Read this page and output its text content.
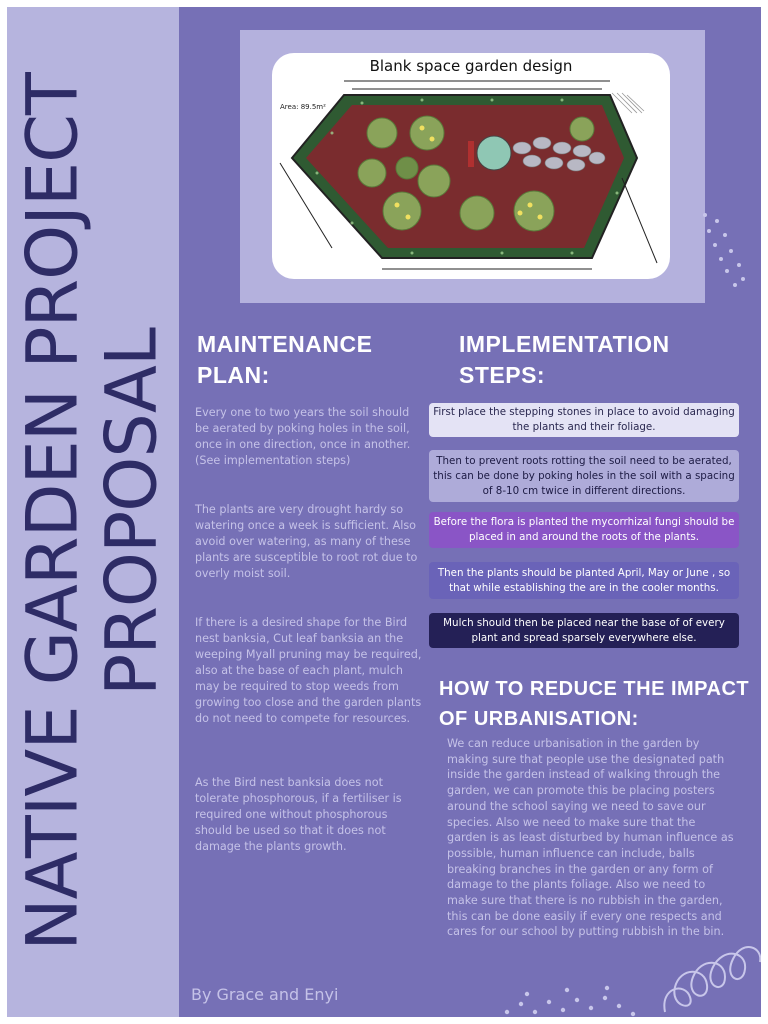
NATIVE GARDEN PROJECT
PROPOSAL
Blank space garden design
Area: 89.5m²
MAINTENANCE PLAN:
Every one to two years the soil should be aerated by poking holes in the soil, once in one direction, once in another. (See implementation steps)
The plants are very drought hardy so watering once a week is sufficient. Also avoid over watering, as many of these plants are susceptible to root rot due to overly moist soil.
If there is a desired shape for the Bird nest banksia, Cut leaf banksia an the weeping Myall pruning may be required, also at the base of each plant, mulch may be required to stop weeds from growing too close and the garden plants do not need to compete for resources.
As the Bird nest banksia does not tolerate phosphorous, if a fertiliser is required one without phosphorous should be used so that it does not damage the plants growth.
IMPLEMENTATION STEPS:
First place the stepping stones in place to avoid damaging the plants and their foliage.
Then to prevent roots rotting the soil need to be aerated, this can be done by poking holes in the soil with a spacing of 8-10 cm twice in different directions.
Before the flora is planted the mycorrhizal fungi should be placed in and around the roots of the plants.
Then the plants should be planted April, May or June , so that while establishing the are in the cooler months.
Mulch should then be placed near the base of of every plant and spread sparsely everywhere else.
HOW TO REDUCE THE IMPACT OF URBANISATION:
We can reduce urbanisation in the garden by making sure that people use the designated path inside the garden instead of walking through the garden, we can promote this be placing posters around the school saying we need to save our species. Also we need to make sure that the garden is as least disturbed by human influence as possible, human influence can include, balls breaking branches in the garden or any form of damage to the plants foliage. Also we need to make sure that there is no rubbish in the garden, this can be done easily if every one respects and cares for our school by putting rubbish in the bin.
By Grace and Enyi
